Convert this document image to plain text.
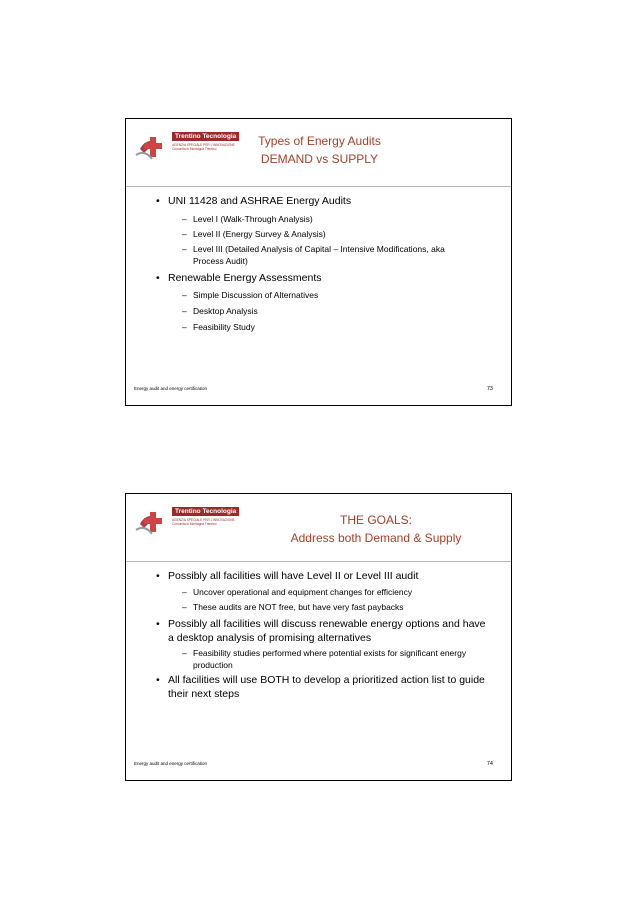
Trentino Tecnologia
AGENZIA SPECIALE PER L'INNOVAZIONE
Comunità di Montagna Trentino
Types of Energy Audits
DEMAND vs SUPPLY
• UNI 11428 and ASHRAE Energy Audits
– Level I (Walk-Through Analysis)
– Level II (Energy Survey & Analysis)
– Level III (Detailed Analysis of Capital – Intensive Modifications, aka Process Audit)
• Renewable Energy Assessments
– Simple Discussion of Alternatives
– Desktop Analysis
– Feasibility Study
Energy audit and energy certification	73
Trentino Tecnologia
AGENZIA SPECIALE PER L'INNOVAZIONE
Comunità di Montagna Trentino	THE GOALS:
Address both Demand & Supply
• Possibly all facilities will have Level II or Level III audit
– Uncover operational and equipment changes for efficiency
– These audits are NOT free, but have very fast paybacks
• Possibly all facilities will discuss renewable energy options and have a desktop analysis of promising alternatives
– Feasibility studies performed where potential exists for significant energy production
• All facilities will use BOTH to develop a prioritized action list to guide their next steps
Energy audit and energy certification	74
